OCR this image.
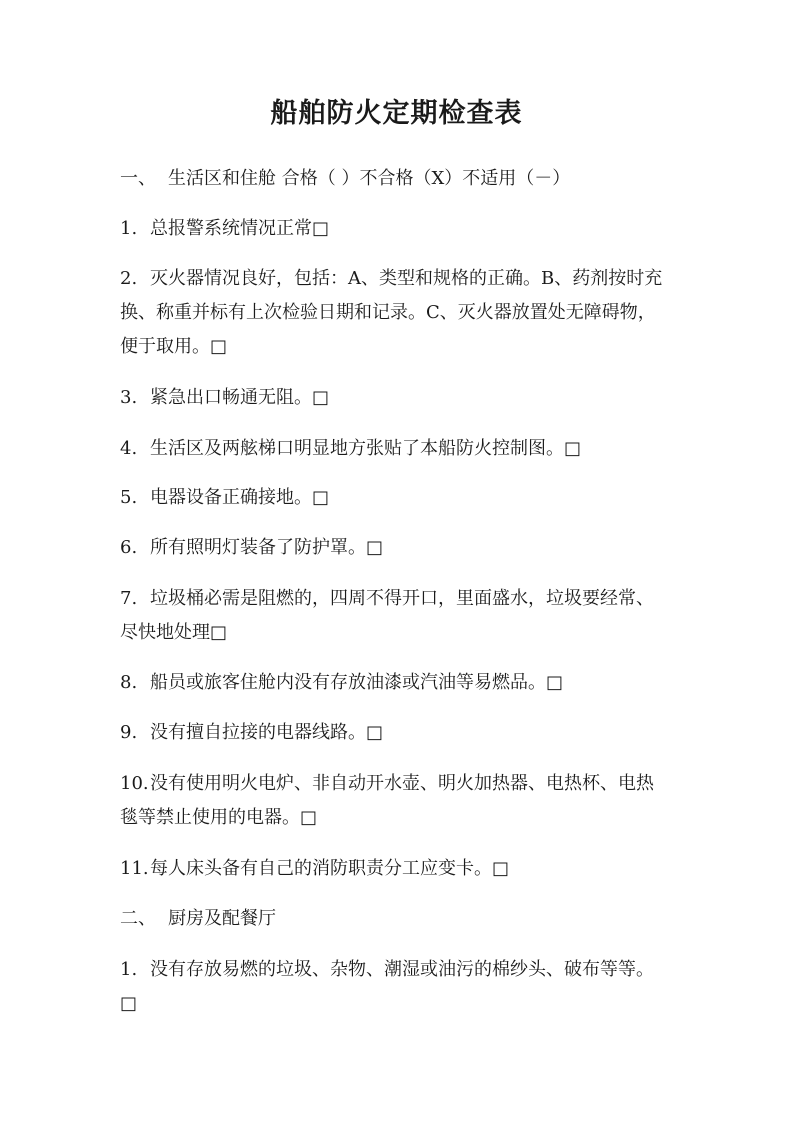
船舶防火定期检查表
一、 生活区和住舱 合格（ ）不合格（X）不适用（－）
1. 总报警系统情况正常□
2. 灭火器情况良好，包括：A、类型和规格的正确。B、药剂按时充
换、称重并标有上次检验日期和记录。C、灭火器放置处无障碍物，
便于取用。□
3. 紧急出口畅通无阻。□
4. 生活区及两舷梯口明显地方张贴了本船防火控制图。□
5. 电器设备正确接地。□
6. 所有照明灯装备了防护罩。□
7. 垃圾桶必需是阻燃的，四周不得开口，里面盛水，垃圾要经常、
尽快地处理□
8. 船员或旅客住舱内没有存放油漆或汽油等易燃品。□
9. 没有擅自拉接的电器线路。□
10.没有使用明火电炉、非自动开水壶、明火加热器、电热杯、电热
毯等禁止使用的电器。□
11.每人床头备有自己的消防职责分工应变卡。□
二、 厨房及配餐厅
1. 没有存放易燃的垃圾、杂物、潮湿或油污的棉纱头、破布等等。
□
